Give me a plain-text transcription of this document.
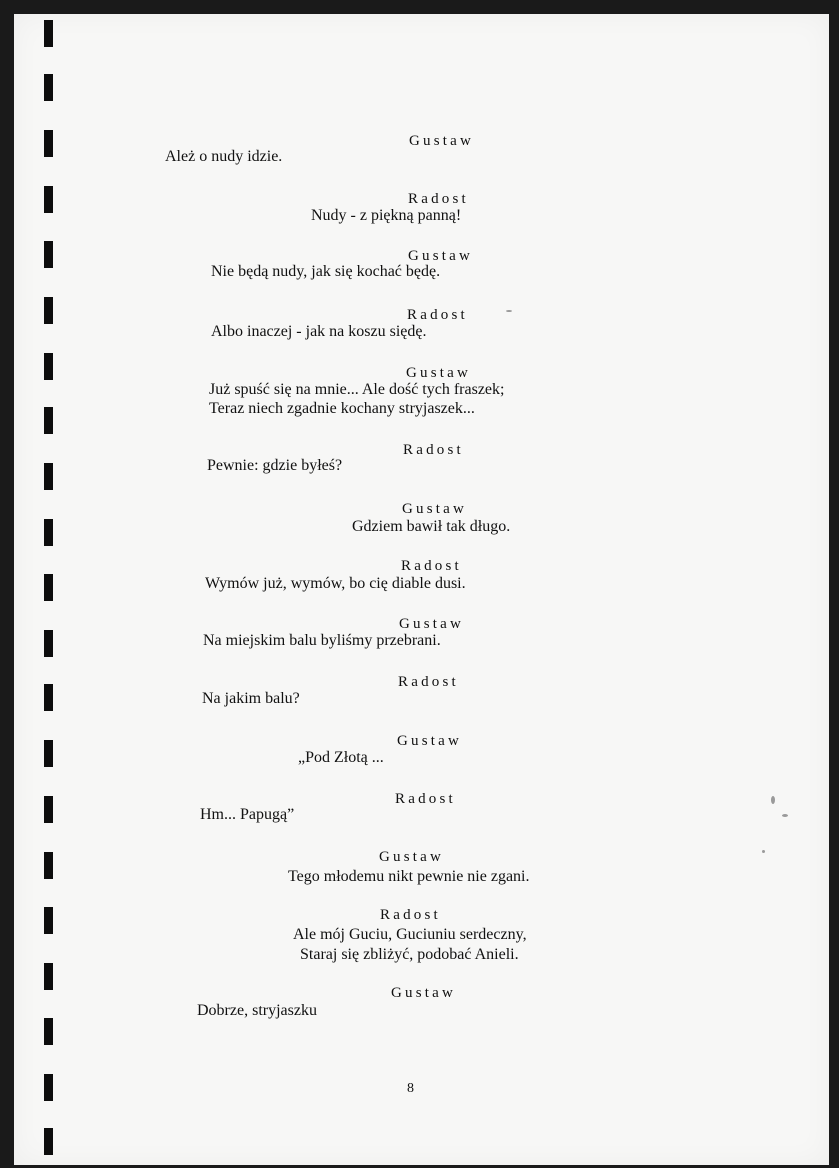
Gustaw
Ależ o nudy idzie.
Radost
Nudy - z piękną panną!
Gustaw
Nie będą nudy, jak się kochać będę.
Radost
Albo inaczej - jak na koszu siędę.
Gustaw
Już spuść się na mnie... Ale dość tych fraszek;
Teraz niech zgadnie kochany stryjaszek...
Radost
Pewnie: gdzie byłeś?
Gustaw
Gdziem bawił tak długo.
Radost
Wymów już, wymów, bo cię diable dusi.
Gustaw
Na miejskim balu byliśmy przebrani.
Radost
Na jakim balu?
Gustaw
„Pod Złotą ...
Radost
Hm... Papugą”
Gustaw
Tego młodemu nikt pewnie nie zgani.
Radost
Ale mój Guciu, Guciuniu serdeczny,
Staraj się zbliżyć, podobać Anieli.
Gustaw
Dobrze, stryjaszku
8
